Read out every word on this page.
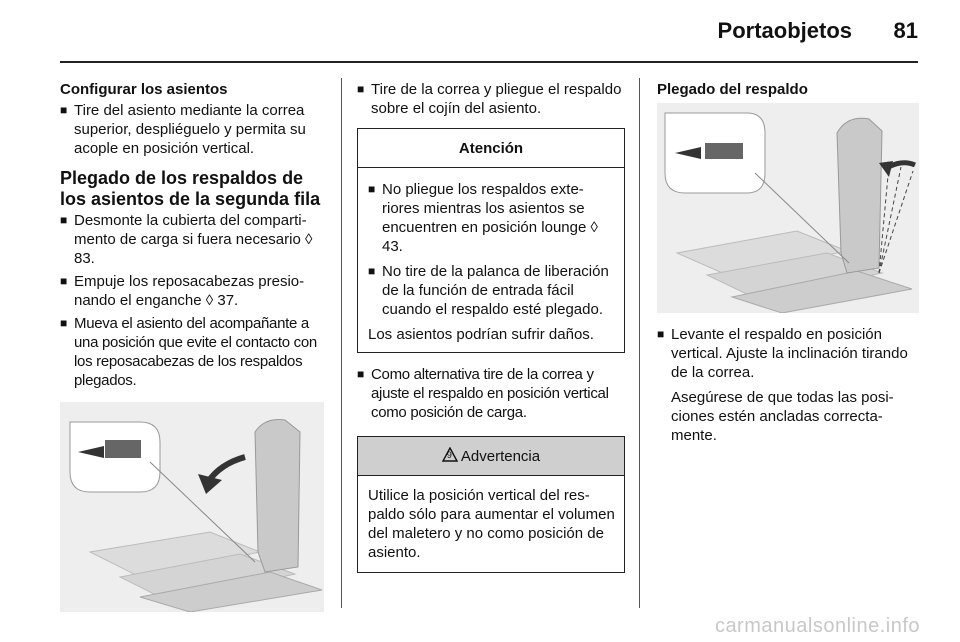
Portaobjetos 81
Configurar los asientos
■ Tire del asiento mediante la correa superior, despliéguelo y permita su acople en posición vertical.
Plegado de los respaldos de los asientos de la segunda fila
■ Desmonte la cubierta del compartimento de carga si fuera necesario ◊ 83.
■ Empuje los reposacabezas presionando el enganche ◊ 37.
■ Mueva el asiento del acompañante a una posición que evite el contacto con los reposacabezas de los respaldos plegados.
■ Tire de la correa y pliegue el respaldo sobre el cojín del asiento.
Atención
■ No pliegue los respaldos exteriores mientras los asientos se encuentren en posición lounge ◊ 43.
■ No tire de la palanca de liberación de la función de entrada fácil cuando el respaldo esté plegado.
Los asientos podrían sufrir daños.
■ Como alternativa tire de la correa y ajuste el respaldo en posición vertical como posición de carga.
9 Advertencia
Utilice la posición vertical del respaldo sólo para aumentar el volumen del maletero y no como posición de asiento.
Plegado del respaldo
■ Levante el respaldo en posición vertical. Ajuste la inclinación tirando de la correa.
Asegúrese de que todas las posiciones estén ancladas correctamente.
carmanualsonline.info
